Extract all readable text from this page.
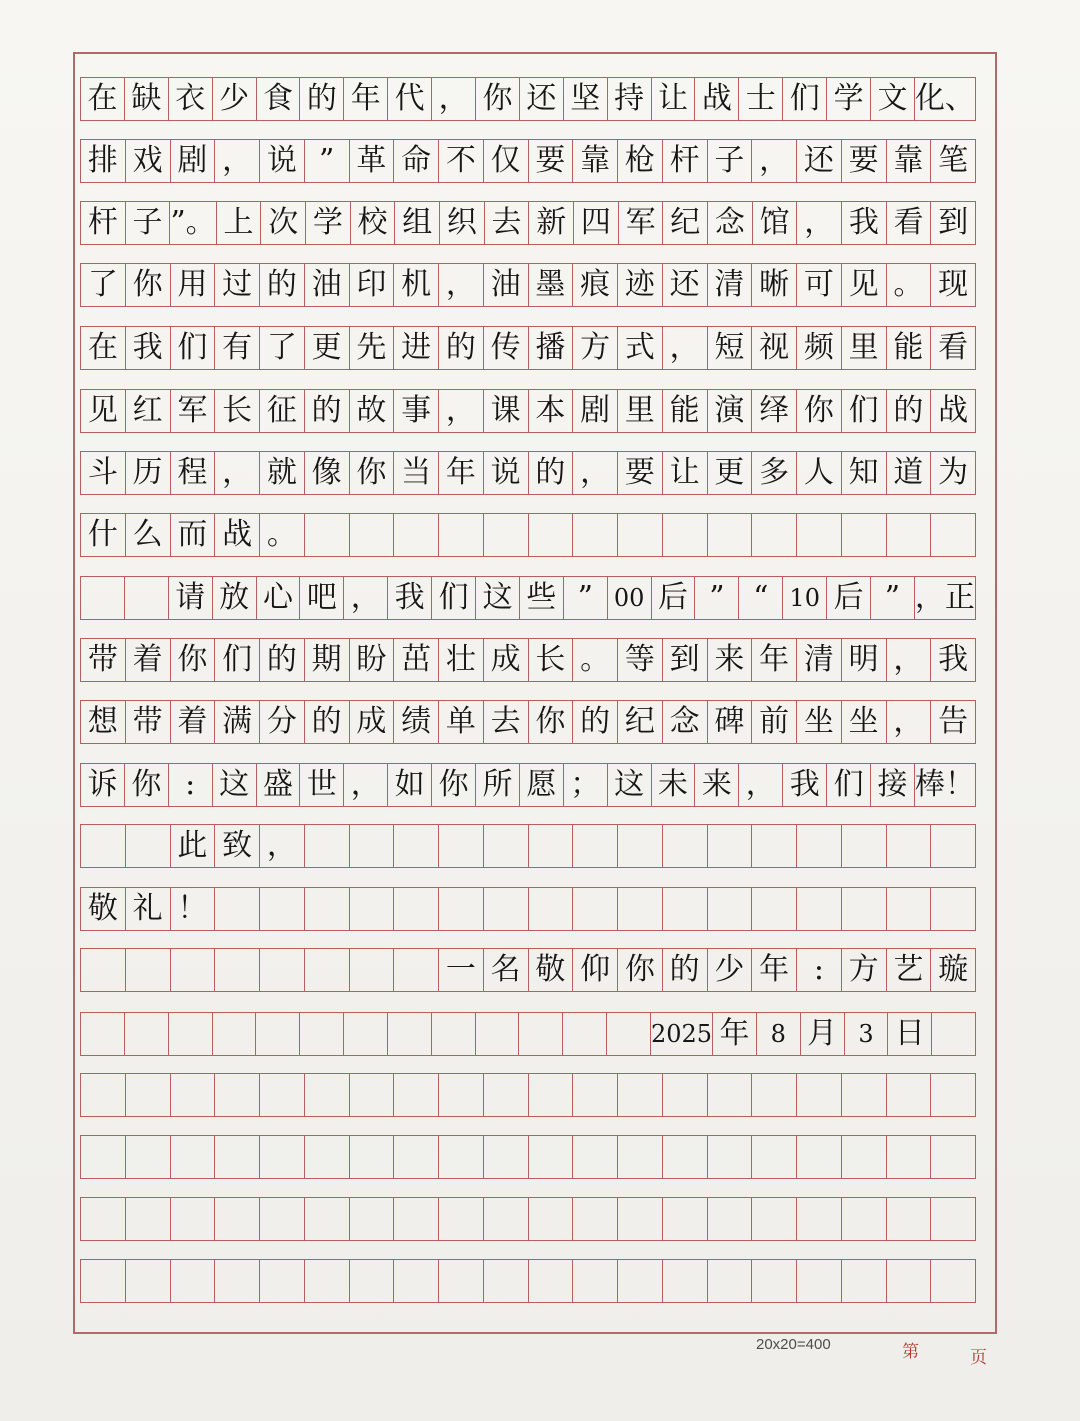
在 缺 衣 少 食 的 年 代 ， 你 还 坚 持 让 战 士 们 学 文 化、
排 戏 剧 ， 说 ” 革 命 不 仅 要 靠 枪 杆 子 ， 还 要 靠 笔
杆 子 ”。 上 次 学 校 组 织 去 新 四 军 纪 念 馆 ， 我 看 到
了 你 用 过 的 油 印 机 ， 油 墨 痕 迹 还 清 晰 可 见 。 现
在 我 们 有 了 更 先 进 的 传 播 方 式 ， 短 视 频 里 能 看
见 红 军 长 征 的 故 事 ， 课 本 剧 里 能 演 绎 你 们 的 战
斗 历 程 ， 就 像 你 当 年 说 的 ， 要 让 更 多 人 知 道 为
什 么 而 战 。
请 放 心 吧 ， 我 们 这 些 ” 00 后 ” “ 10 后 ” ，正
带 着 你 们 的 期 盼 茁 壮 成 长 。 等 到 来 年 清 明 ， 我
想 带 着 满 分 的 成 绩 单 去 你 的 纪 念 碑 前 坐 坐 ， 告
诉 你 : 这 盛 世 ， 如 你 所 愿 ； 这 未 来 ， 我 们 接 棒！
此 致 ，
敬 礼 ！
一 名 敬 仰 你 的 少 年 : 方 艺 璇
2025 年 8 月 3 日
20x20=400	第	页
